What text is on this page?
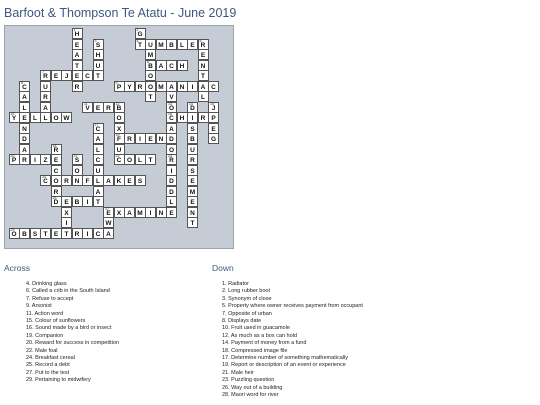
Barfoot & Thompson Te Atatu - June 2019
1
H
2
G
E
3
S
4
T U M B L E
5
R
A	H	M	E
T	U
6
B A C H	N
7
R E	J	E C T	O	T
8
C	U	R
9
P Y R O M A N	I	A C
A	R	T	V	L
L	A
11
V E R
12
B
13
O
14
D
15
J
15
Y E L	L O W	O
16
C H	I	R P
N
17
C	X	A	S	E
D	A
19
F R	I	E N D	B	G
A
18
R	L	U	O	U
20
P R	I	Z E
21
S	C
22
C O L	T
23
R	R
C	O	U	I	S
24
C O R N F	L A K E S	D	E
R	A	D	M
25
D E B	I	T	L	E
X
27
E X A M	I	N E	N
I	W	T
29
O B S T E T R	I	C A
Across	Down
4. Drinking glass
6. Called a crib in the South Island
7. Refuse to accept
9. Arsonist
11. Action word
15. Colour of sunflowers
16. Sound made by a bird or insect
19. Companion
20. Reward for success in competition
22. Male foal
24. Breakfast cereal
25. Record a debt
27. Put to the test
29. Pertaining to midwifery
1. Radiator
2. Long rubber boot
3. Synonym of close
5. Property where owner receives payment from occupant
7. Opposite of urban
8. Displays date
10. Fruit used in guacamole
12. As much as a box can hold
14. Payment of money from a fund
18. Compressed image file
17. Determine number of something mathematically
19. Report or description of an event or experience
21. Male heir
23. Puzzling question
26. Way out of a building
28. Maori word for river
